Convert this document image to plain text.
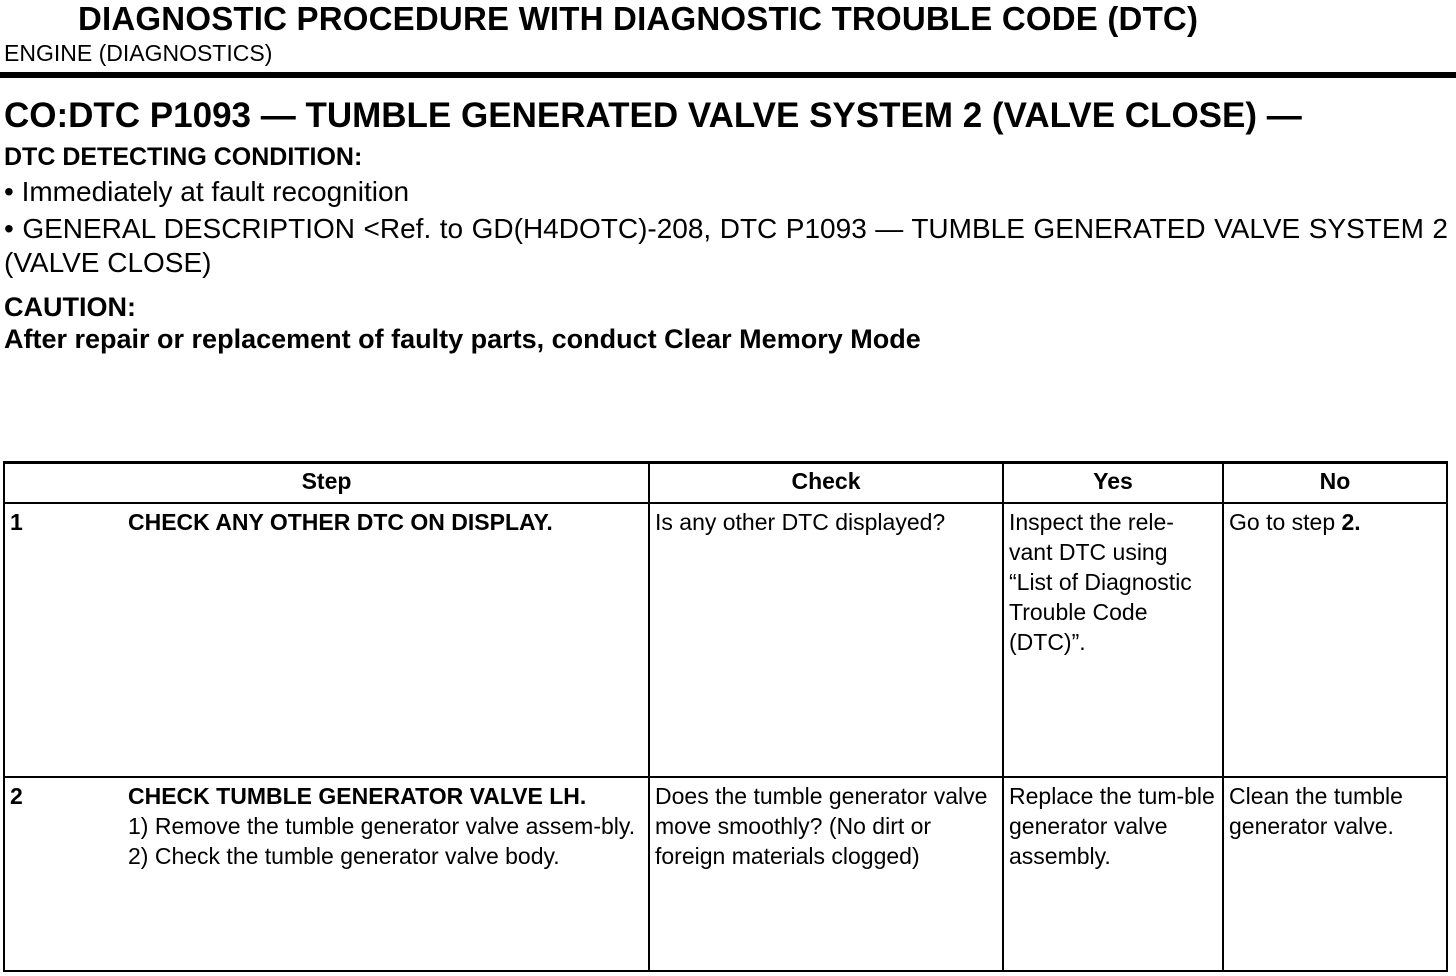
DIAGNOSTIC PROCEDURE WITH DIAGNOSTIC TROUBLE CODE (DTC)
ENGINE (DIAGNOSTICS)
CO:DTC P1093 — TUMBLE GENERATED VALVE SYSTEM 2 (VALVE CLOSE) —
DTC DETECTING CONDITION:
• Immediately at fault recognition
• GENERAL DESCRIPTION <Ref. to GD(H4DOTC)-208, DTC P1093 — TUMBLE GENERATED VALVE SYSTEM 2 (VALVE CLOSE)
CAUTION:
After repair or replacement of faulty parts, conduct Clear Memory Mode
Step	Check	Yes	No

1 CHECK ANY OTHER DTC ON DISPLAY.	Is any other DTC displayed?	Inspect the rele-vant DTC using “List of Diagnostic Trouble Code (DTC)”.	Go to step 2.

2 CHECK TUMBLE GENERATOR VALVE LH.
1) Remove the tumble generator valve assem-bly.
2) Check the tumble generator valve body.	Does the tumble generator valve move smoothly? (No dirt or foreign materials clogged)	Replace the tum-ble generator valve assembly.	Clean the tumble generator valve.
